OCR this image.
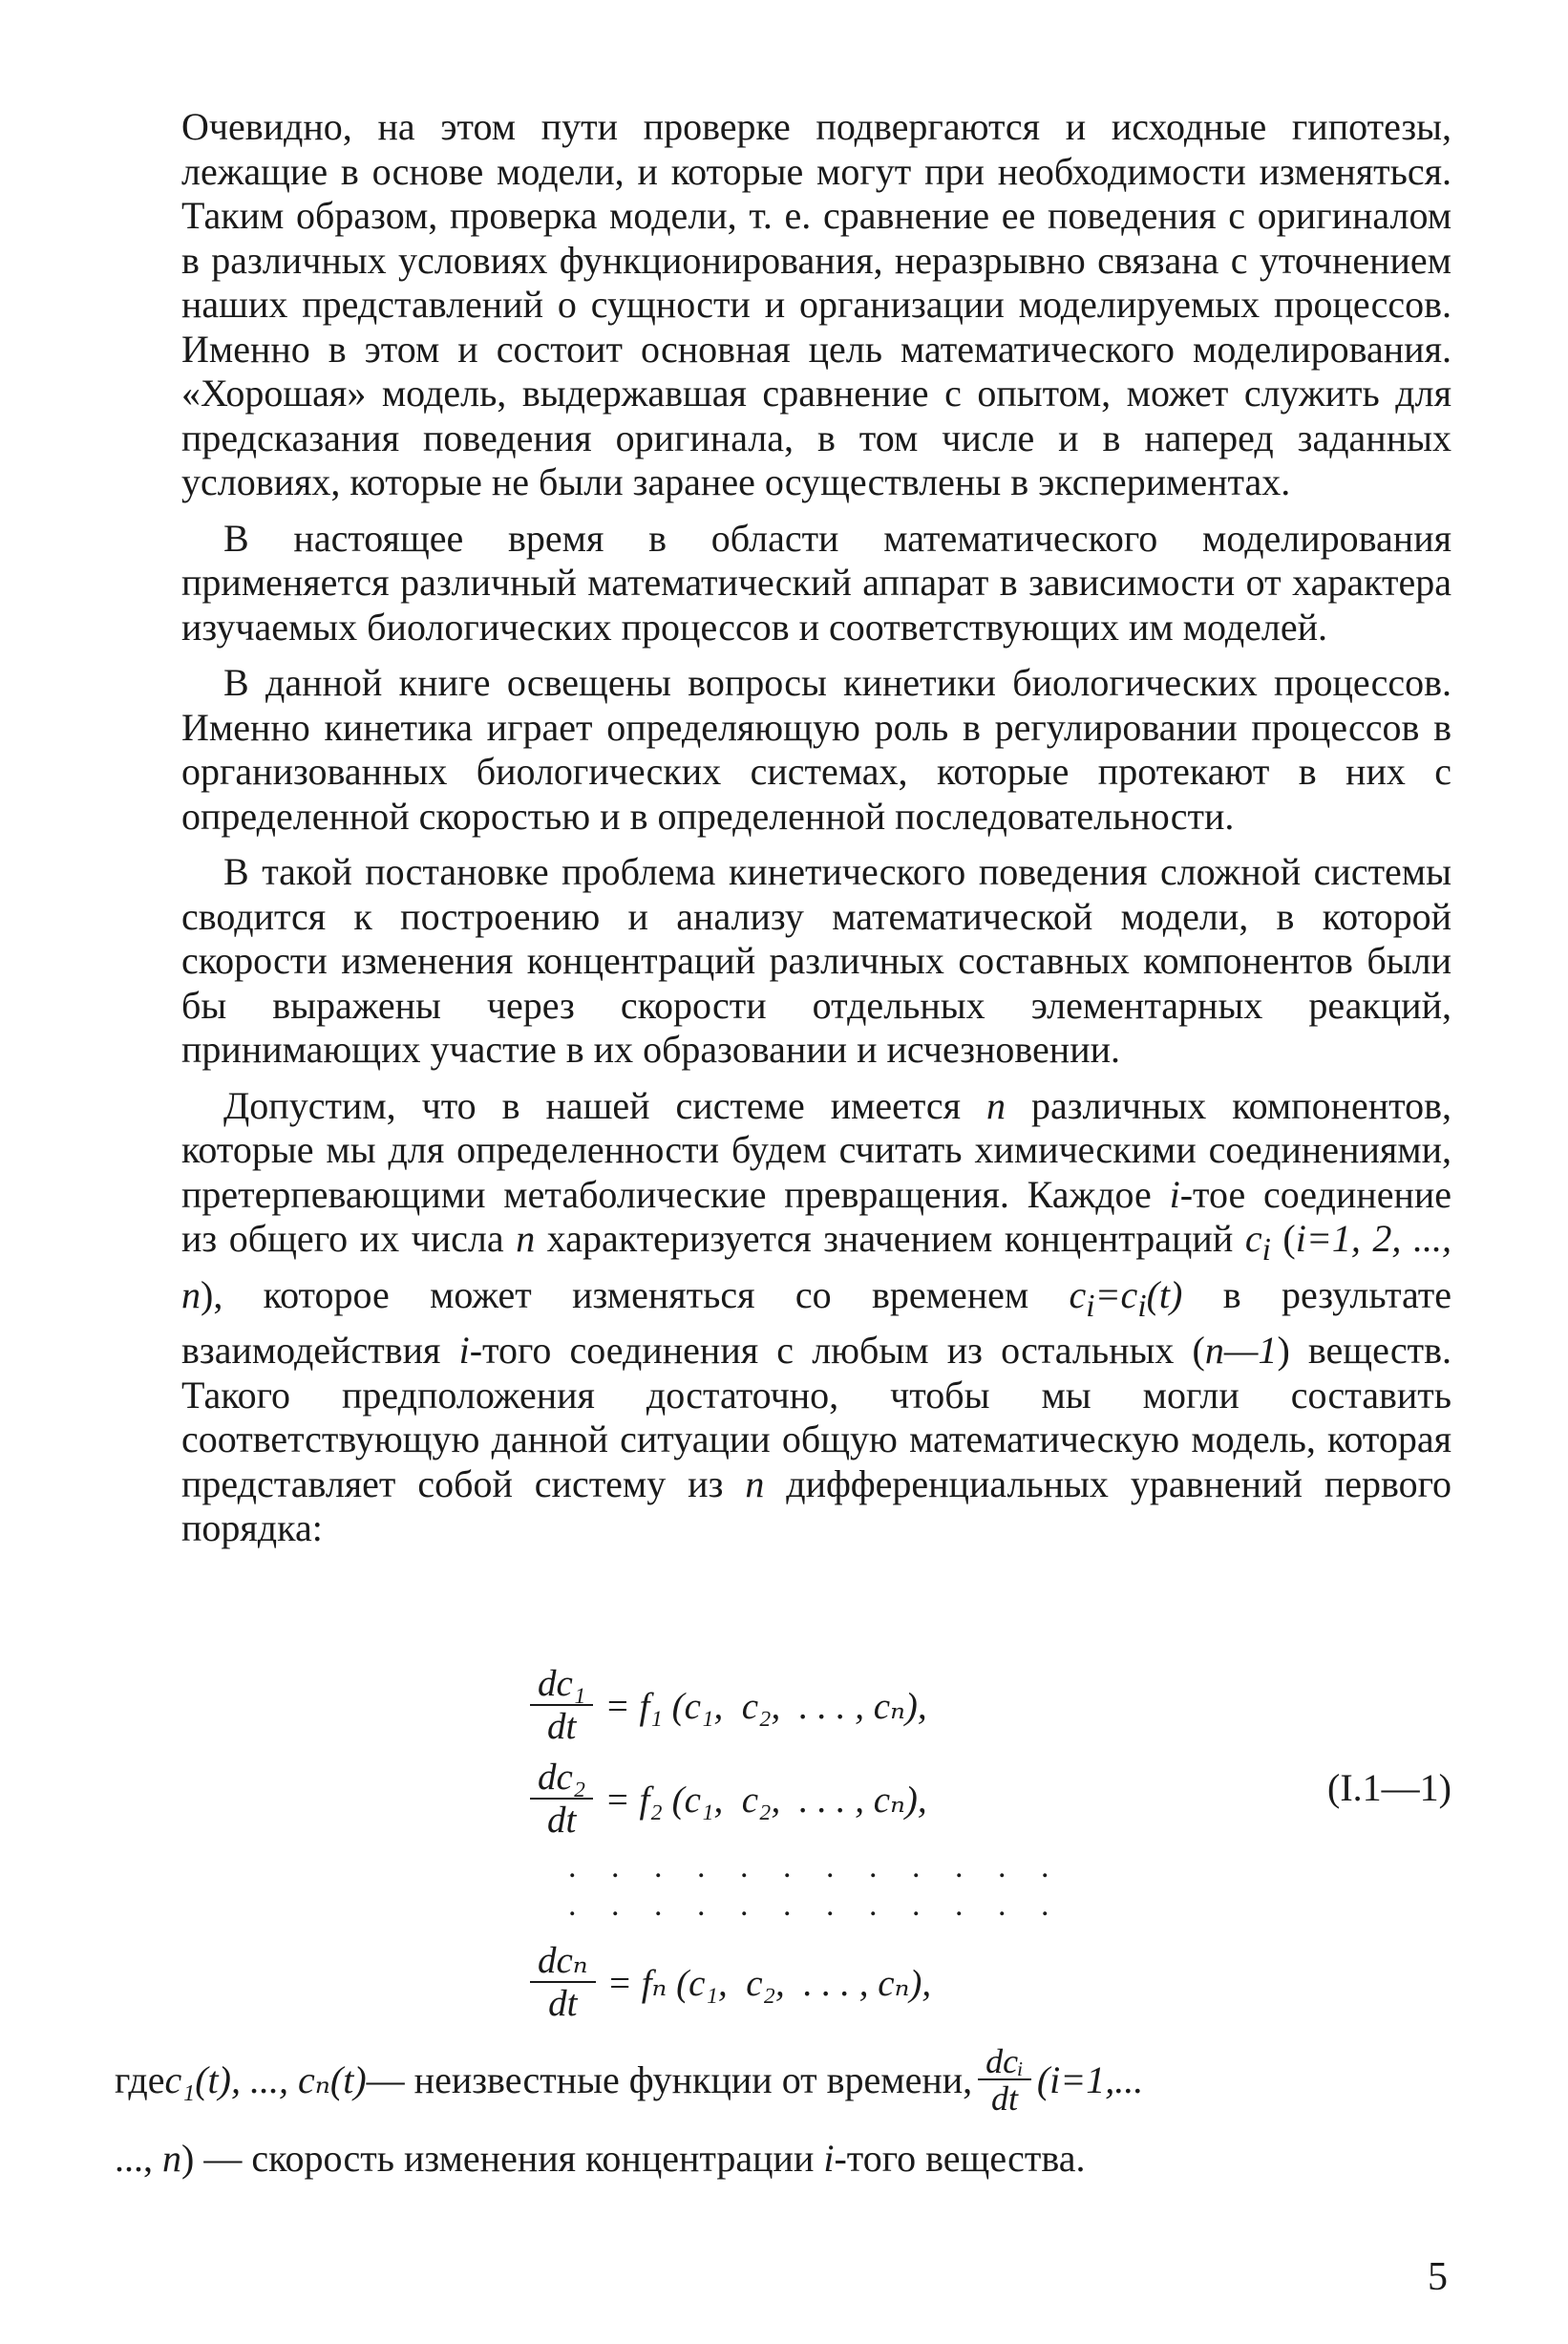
Очевидно, на этом пути проверке подвергаются и исходные гипотезы, лежащие в основе модели, и которые могут при необходимости изменяться. Таким образом, проверка модели, т. е. сравнение ее поведения с оригиналом в различных условиях функционирования, неразрывно связана с уточнением наших представлений о сущности и организации моделируемых процессов. Именно в этом и состоит основная цель математического моделирования. «Хорошая» модель, выдержавшая сравнение с опытом, может служить для предсказания поведения оригинала, в том числе и в наперед заданных условиях, которые не были заранее осуществлены в экспериментах.

В настоящее время в области математического моделирования применяется различный математический аппарат в зависимости от характера изучаемых биологических процессов и соответствующих им моделей.

В данной книге освещены вопросы кинетики биологических процессов. Именно кинетика играет определяющую роль в регулировании процессов в организованных биологических системах, которые протекают в них с определенной скоростью и в определенной последовательности.

В такой постановке проблема кинетического поведения сложной системы сводится к построению и анализу математической модели, в которой скорости изменения концентраций различных составных компонентов были бы выражены через скорости отдельных элементарных реакций, принимающих участие в их образовании и исчезновении.

Допустим, что в нашей системе имеется n различных компонентов, которые мы для определенности будем считать химическими соединениями, претерпевающими метаболические превращения. Каждое i-тое соединение из общего их числа n характеризуется значением концентраций $c_i$ (i=1, 2, ..., n), которое может изменяться со временем $c_i=c_i(t)$ в результате взаимодействия i-того соединения с любым из остальных (n—1) веществ. Такого предположения достаточно, чтобы мы могли составить соответствующую данной ситуации общую математическую модель, которая представляет собой систему из n дифференциальных уравнений первого порядка:

$\frac{\text{dc₁}}{dt} = f_1$ (c₁,  c₂,  . . . , cₙ),
$\frac{\text{dc₂}}{dt} = f_2$ (c₁,  c₂,  . . . , cₙ),	(I.1—1)
. . . . . . . . . . . .
. . . . . . . . . . . .
$\frac{\text{dcₙ}}{dt} = f_n$ (c₁,  c₂,  . . . , cₙ),
где c₁(t), ..., cₙ(t) — неизвестные функции от времени, $\frac{\text{dcᵢ}}{dt} (i=1$,...
..., n) — скорость изменения концентрации i-того вещества.
5
